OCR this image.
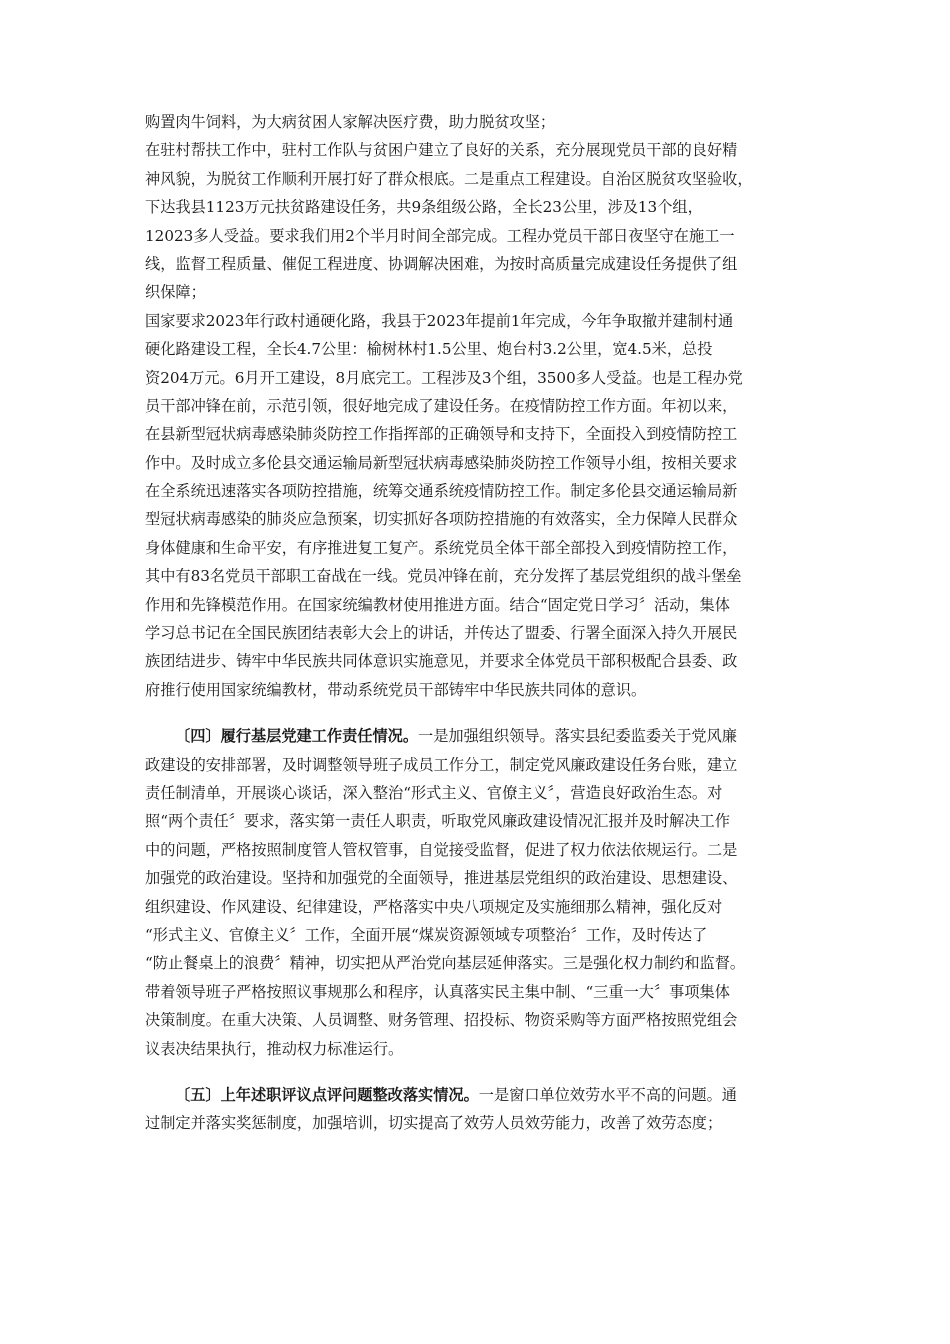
购置肉牛饲料，为大病贫困人家解决医疗费，助力脱贫攻坚；
在驻村帮扶工作中，驻村工作队与贫困户建立了良好的关系，充分展现党员干部的良好精
神风貌，为脱贫工作顺利开展打好了群众根底。二是重点工程建设。自治区脱贫攻坚验收，
下达我县1123万元扶贫路建设任务，共9条组级公路，全长23公里，涉及13个组，
12023多人受益。要求我们用2个半月时间全部完成。工程办党员干部日夜坚守在施工一
线，监督工程质量、催促工程进度、协调解决困难，为按时高质量完成建设任务提供了组
织保障；
国家要求2023年行政村通硬化路，我县于2023年提前1年完成，今年争取撤并建制村通
硬化路建设工程，全长4.7公里：榆树林村1.5公里、炮台村3.2公里，宽4.5米，总投
资204万元。6月开工建设，8月底完工。工程涉及3个组，3500多人受益。也是工程办党
员干部冲锋在前，示范引领，很好地完成了建设任务。在疫情防控工作方面。年初以来，
在县新型冠状病毒感染肺炎防控工作指挥部的正确领导和支持下，全面投入到疫情防控工
作中。及时成立多伦县交通运输局新型冠状病毒感染肺炎防控工作领导小组，按相关要求
在全系统迅速落实各项防控措施，统筹交通系统疫情防控工作。制定多伦县交通运输局新
型冠状病毒感染的肺炎应急预案，切实抓好各项防控措施的有效落实，全力保障人民群众
身体健康和生命平安，有序推进复工复产。系统党员全体干部全部投入到疫情防控工作，
其中有83名党员干部职工奋战在一线。党员冲锋在前，充分发挥了基层党组织的战斗堡垒
作用和先锋模范作用。在国家统编教材使用推进方面。结合“固定党日学习〞活动，集体
学习总书记在全国民族团结表彰大会上的讲话，并传达了盟委、行署全面深入持久开展民
族团结进步、铸牢中华民族共同体意识实施意见，并要求全体党员干部积极配合县委、政
府推行使用国家统编教材，带动系统党员干部铸牢中华民族共同体的意识。
〔四〕履行基层党建工作责任情况。一是加强组织领导。落实县纪委监委关于党风廉
政建设的安排部署，及时调整领导班子成员工作分工，制定党风廉政建设任务台账，建立
责任制清单，开展谈心谈话，深入整治“形式主义、官僚主义〞，营造良好政治生态。对
照“两个责任〞要求，落实第一责任人职责，听取党风廉政建设情况汇报并及时解决工作
中的问题，严格按照制度管人管权管事，自觉接受监督，促进了权力依法依规运行。二是
加强党的政治建设。坚持和加强党的全面领导，推进基层党组织的政治建设、思想建设、
组织建设、作风建设、纪律建设，严格落实中央八项规定及实施细那么精神，强化反对
“形式主义、官僚主义〞工作，全面开展“煤炭资源领域专项整治〞工作，及时传达了
“防止餐桌上的浪费〞精神，切实把从严治党向基层延伸落实。三是强化权力制约和监督。
带着领导班子严格按照议事规那么和程序，认真落实民主集中制、“三重一大〞事项集体
决策制度。在重大决策、人员调整、财务管理、招投标、物资采购等方面严格按照党组会
议表决结果执行，推动权力标准运行。
〔五〕上年述职评议点评问题整改落实情况。一是窗口单位效劳水平不高的问题。通
过制定并落实奖惩制度，加强培训，切实提高了效劳人员效劳能力，改善了效劳态度；
